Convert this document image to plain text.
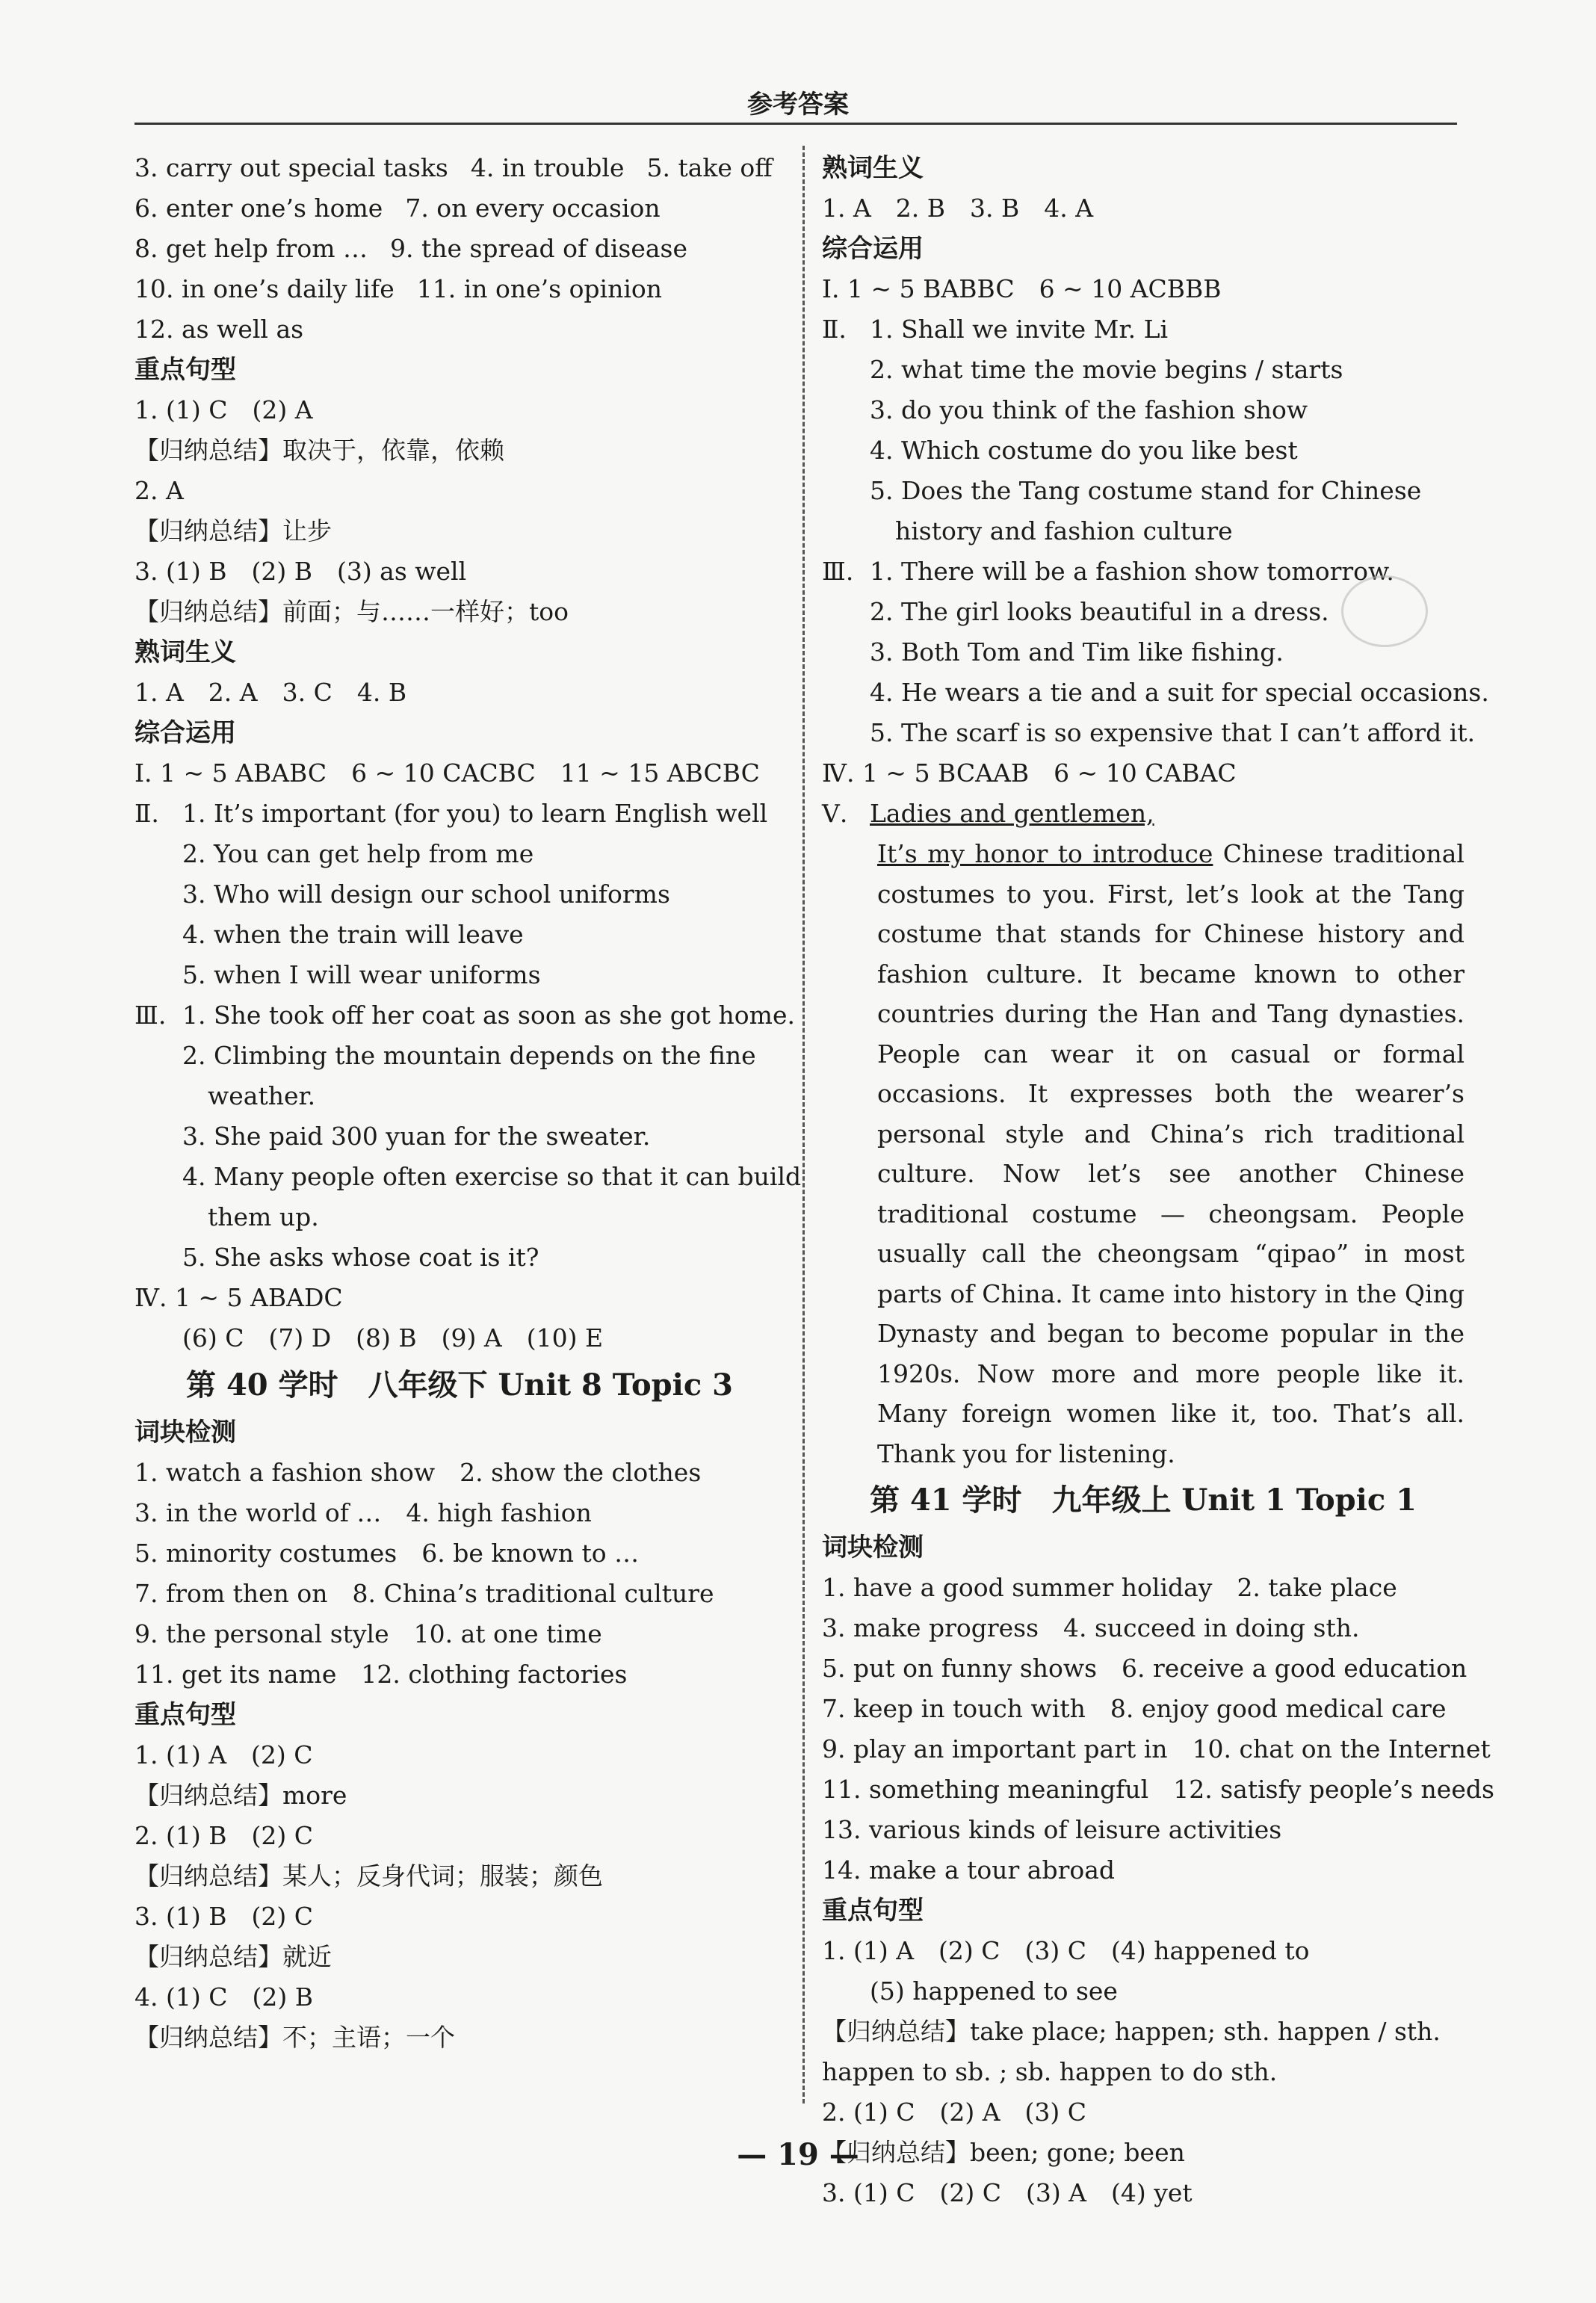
参考答案
3. carry out special tasks 4. in trouble 5. take off
6. enter one’s home 7. on every occasion
8. get help from … 9. the spread of disease
10. in one’s daily life 11. in one’s opinion
12. as well as
重点句型
1. (1) C　(2) A
【归纳总结】取决于，依靠，依赖
2. A
【归纳总结】让步
3. (1) B　(2) B　(3) as well
【归纳总结】前面；与……一样好；too
熟词生义
1. A　2. A　3. C　4. B
综合运用
Ⅰ. 1 ~ 5 ABABC　6 ~ 10 CACBC　11 ~ 15 ABCBC
Ⅱ. 1. It’s important (for you) to learn English well
2. You can get help from me
3. Who will design our school uniforms
4. when the train will leave
5. when I will wear uniforms
Ⅲ. 1. She took off her coat as soon as she got home.
2. Climbing the mountain depends on the fine
weather.
3. She paid 300 yuan for the sweater.
4. Many people often exercise so that it can build
them up.
5. She asks whose coat is it?
Ⅳ. 1 ~ 5 ABADC
(6) C　(7) D　(8) B　(9) A　(10) E
第 40 学时　八年级下 Unit 8 Topic 3
词块检测
1. watch a fashion show　2. show the clothes
3. in the world of …　4. high fashion
5. minority costumes　6. be known to …
7. from then on　8. China’s traditional culture
9. the personal style　10. at one time
11. get its name　12. clothing factories
重点句型
1. (1) A　(2) C
【归纳总结】more
2. (1) B　(2) C
【归纳总结】某人；反身代词；服装；颜色
3. (1) B　(2) C
【归纳总结】就近
4. (1) C　(2) B
【归纳总结】不；主语；一个
熟词生义
1. A　2. B　3. B　4. A
综合运用
Ⅰ. 1 ~ 5 BABBC　6 ~ 10 ACBBB
Ⅱ. 1. Shall we invite Mr. Li
2. what time the movie begins / starts
3. do you think of the fashion show
4. Which costume do you like best
5. Does the Tang costume stand for Chinese
history and fashion culture
Ⅲ. 1. There will be a fashion show tomorrow.
2. The girl looks beautiful in a dress.
3. Both Tom and Tim like fishing.
4. He wears a tie and a suit for special occasions.
5. The scarf is so expensive that I can’t afford it.
Ⅳ. 1 ~ 5 BCAAB　6 ~ 10 CABAC
Ⅴ. Ladies and gentlemen,
It’s my honor to introduce Chinese traditional costumes to you. First, let’s look at the Tang costume that stands for Chinese history and fashion culture. It became known to other countries during the Han and Tang dynasties. People can wear it on casual or formal occasions. It expresses both the wearer’s personal style and China’s rich traditional culture. Now let’s see another Chinese traditional costume — cheongsam. People usually call the cheongsam “qipao” in most parts of China. It came into history in the Qing Dynasty and began to become popular in the 1920s. Now more and more people like it. Many foreign women like it, too. That’s all. Thank you for listening.
第 41 学时　九年级上 Unit 1 Topic 1
词块检测
1. have a good summer holiday　2. take place
3. make progress　4. succeed in doing sth.
5. put on funny shows　6. receive a good education
7. keep in touch with　8. enjoy good medical care
9. play an important part in　10. chat on the Internet
11. something meaningful　12. satisfy people’s needs
13. various kinds of leisure activities
14. make a tour abroad
重点句型
1. (1) A　(2) C　(3) C　(4) happened to
(5) happened to see
【归纳总结】take place; happen; sth. happen / sth.
happen to sb. ; sb. happen to do sth.
2. (1) C　(2) A　(3) C
【归纳总结】been; gone; been
3. (1) C　(2) C　(3) A　(4) yet
— 19 —
